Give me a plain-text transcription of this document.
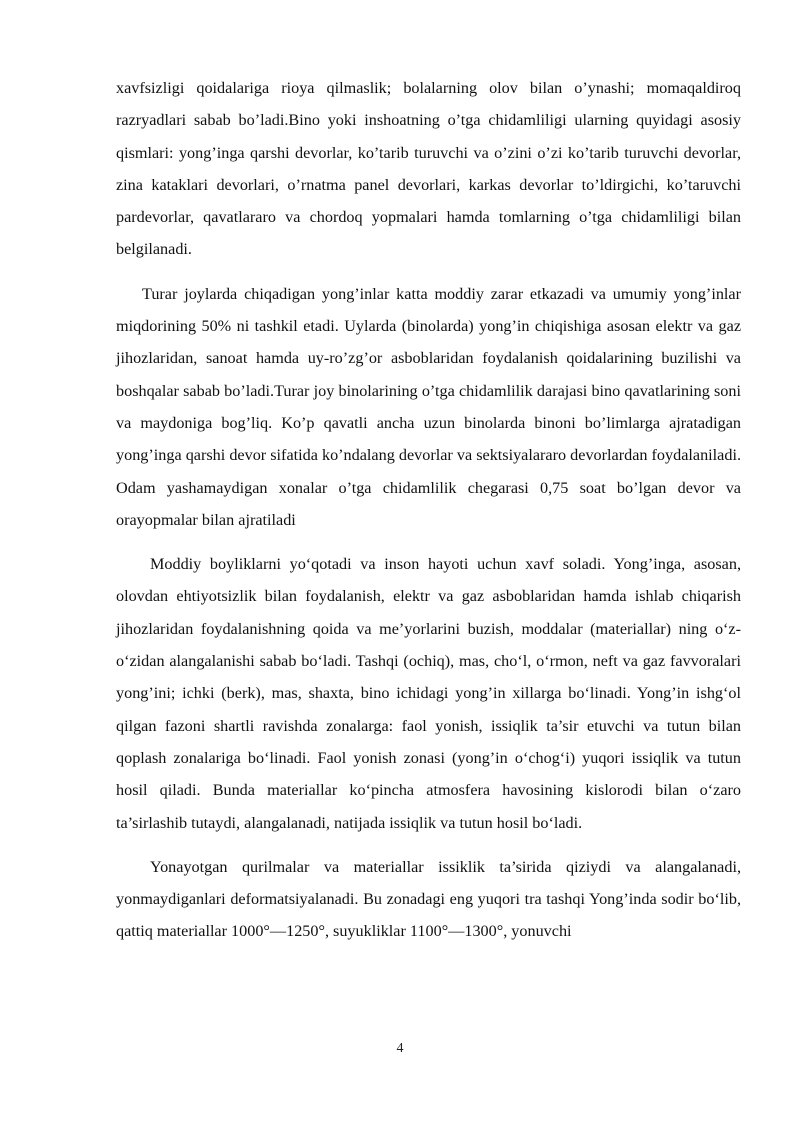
xavfsizligi qoidalariga rioya qilmaslik; bolalarning olov bilan o’ynashi; momaqaldiroq razryadlari sabab bo’ladi.Bino yoki inshoatning o’tga chidamliligi ularning quyidagi asosiy qismlari: yong’inga qarshi devorlar, ko’tarib turuvchi va o’zini o’zi ko’tarib turuvchi devorlar, zina kataklari devorlari, o’rnatma panel devorlari, karkas devorlar to’ldirgichi, ko’taruvchi pardevorlar, qavatlararo va chordoq yopmalari hamda tomlarning o’tga chidamliligi bilan belgilanadi.

Turar joylarda chiqadigan yong’inlar katta moddiy zarar etkazadi va umumiy yong’inlar miqdorining 50% ni tashkil etadi. Uylarda (binolarda) yong’in chiqishiga asosan elektr va gaz jihozlaridan, sanoat hamda uy-ro’zg’or asboblaridan foydalanish qoidalarining buzilishi va boshqalar sabab bo’ladi.Turar joy binolarining o’tga chidamlilik darajasi bino qavatlarining soni va maydoniga bog’liq. Ko’p qavatli ancha uzun binolarda binoni bo’limlarga ajratadigan yong’inga qarshi devor sifatida ko’ndalang devorlar va sektsiyalararo devorlardan foydalaniladi. Odam yashamaydigan xonalar o’tga chidamlilik chegarasi 0,75 soat bo’lgan devor va orayopmalar bilan ajratiladi

Moddiy boyliklarni yo‘qotadi va inson hayoti uchun xavf soladi. Yong’inga, asosan, olovdan ehtiyotsizlik bilan foydalanish, elektr va gaz asboblaridan hamda ishlab chiqarish jihozlaridan foydalanishning qoida va me’yorlarini buzish, moddalar (materiallar) ning o‘z-o‘zidan alangalanishi sabab bo‘ladi. Tashqi (ochiq), mas, cho‘l, o‘rmon, neft va gaz favvoralari yong’ini; ichki (berk), mas, shaxta, bino ichidagi yong’in xillarga bo‘linadi. Yong’in ishg‘ol qilgan fazoni shartli ravishda zonalarga: faol yonish, issiqlik ta’sir etuvchi va tutun bilan qoplash zonalariga bo‘linadi. Faol yonish zonasi (yong’in o‘chog‘i) yuqori issiqlik va tutun hosil qiladi. Bunda materiallar ko‘pincha atmosfera havosining kislorodi bilan o‘zaro ta’sirlashib tutaydi, alangalanadi, natijada issiqlik va tutun hosil bo‘ladi.

Yonayotgan qurilmalar va materiallar issiklik ta’sirida qiziydi va alangalanadi, yonmaydiganlari deformatsiyalanadi. Bu zonadagi eng yuqori tra tashqi Yong’inda sodir bo‘lib, qattiq materiallar 1000°—1250°, suyukliklar 1100°—1300°, yonuvchi

4
